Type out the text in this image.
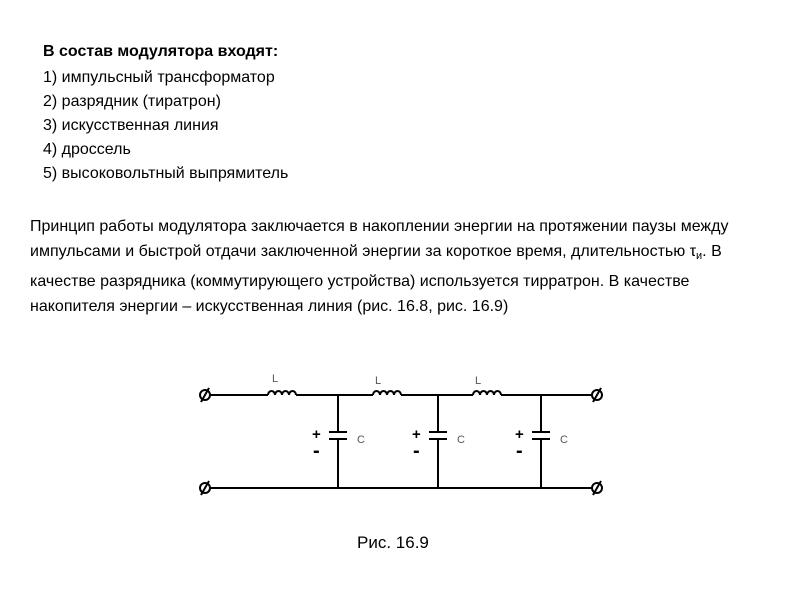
В состав модулятора входят:
1) импульсный трансформатор
2) разрядник (тиратрон)
3) искусственная линия
4) дроссель
5) высоковольтный выпрямитель
Принцип работы модулятора заключается в накоплении энергии на протяжении паузы между импульсами и быстрой отдачи заключенной энергии за короткое время, длительностью $\tau_и$. В качестве разрядника (коммутирующего устройства) используется тирратрон. В качестве накопителя энергии – искусственная линия (рис. 16.8, рис. 16.9)
L	L	L
C	C	C
+
-
+
-
+
-
Рис. 16.9
